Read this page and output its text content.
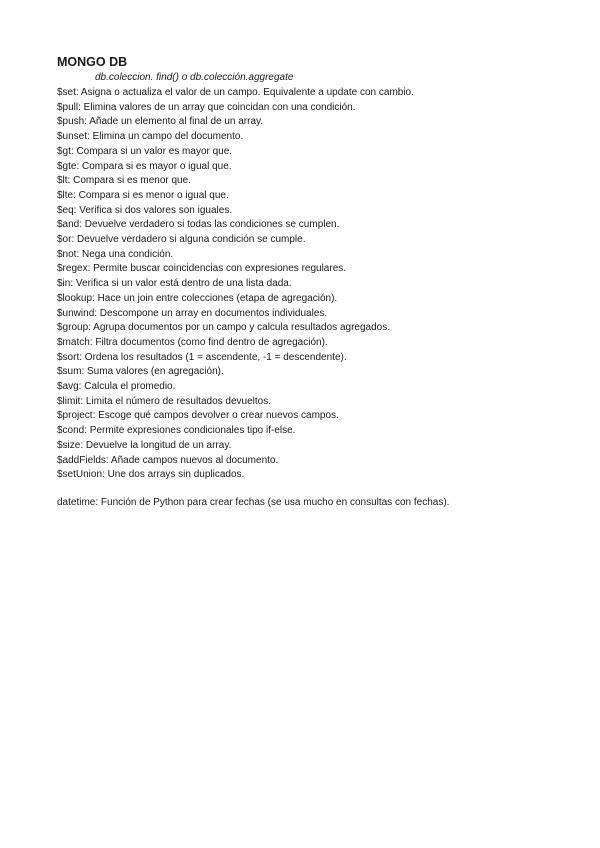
MONGO DB
db.coleccion. find() o db.colección.aggregate
$set: Asigna o actualiza el valor de un campo. Equivalente a update con cambio.
$pull: Elimina valores de un array que coincidan con una condición.
$push: Añade un elemento al final de un array.
$unset: Elimina un campo del documento.
$gt: Compara si un valor es mayor que.
$gte: Compara si es mayor o igual que.
$lt: Compara si es menor que.
$lte: Compara si es menor o igual que.
$eq: Verifica si dos valores son iguales.
$and: Devuelve verdadero si todas las condiciones se cumplen.
$or: Devuelve verdadero si alguna condición se cumple.
$not: Nega una condición.
$regex: Permite buscar coincidencias con expresiones regulares.
$in: Verifica si un valor está dentro de una lista dada.
$lookup: Hace un join entre colecciones (etapa de agregación).
$unwind: Descompone un array en documentos individuales.
$group: Agrupa documentos por un campo y calcula resultados agregados.
$match: Filtra documentos (como find dentro de agregación).
$sort: Ordena los resultados (1 = ascendente, -1 = descendente).
$sum: Suma valores (en agregación).
$avg: Calcula el promedio.
$limit: Limita el número de resultados devueltos.
$project: Escoge qué campos devolver o crear nuevos campos.
$cond: Permite expresiones condicionales tipo if-else.
$size: Devuelve la longitud de un array.
$addFields: Añade campos nuevos al documento.
$setUnion: Une dos arrays sin duplicados.
datetime: Función de Python para crear fechas (se usa mucho en consultas con fechas).
